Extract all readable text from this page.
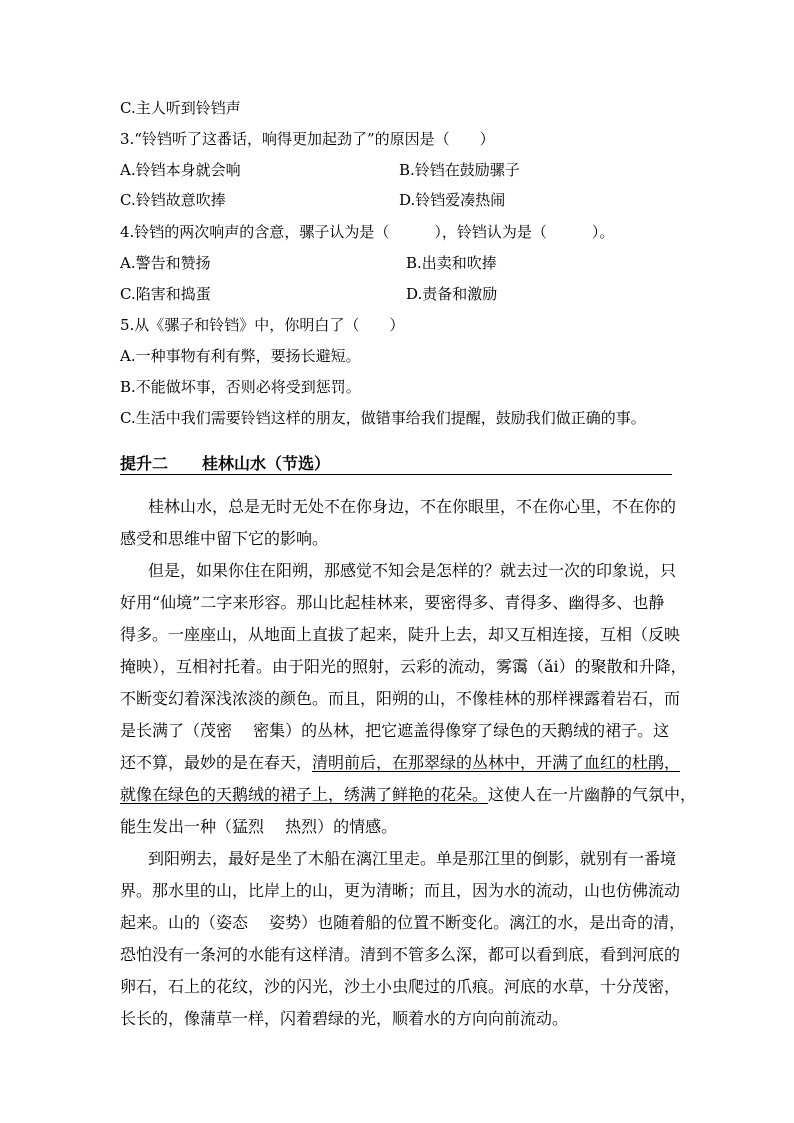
C.主人听到铃铛声
3.“铃铛听了这番话，响得更加起劲了”的原因是（　　）
A.铃铛本身就会响	B.铃铛在鼓励骡子
C.铃铛故意吹捧	D.铃铛爱凑热闹
4.铃铛的两次响声的含意，骡子认为是（　　　），铃铛认为是（　　　）。
A.警告和赞扬	B.出卖和吹捧
C.陷害和捣蛋	D.责备和激励
5.从《骡子和铃铛》中，你明白了（　　）
A.一种事物有利有弊，要扬长避短。
B.不能做坏事，否则必将受到惩罚。
C.生活中我们需要铃铛这样的朋友，做错事给我们提醒，鼓励我们做正确的事。
提升二 桂林山水（节选）
桂林山水，总是无时无处不在你身边，不在你眼里，不在你心里，不在你的
感受和思维中留下它的影响。
但是，如果你住在阳朔，那感觉不知会是怎样的？就去过一次的印象说，只
好用“仙境”二字来形容。那山比起桂林来，要密得多、青得多、幽得多、也静
得多。一座座山，从地面上直拔了起来，陡升上去，却又互相连接，互相（反映
掩映），互相衬托着。由于阳光的照射，云彩的流动，雾霭（ǎi）的聚散和升降，
不断变幻着深浅浓淡的颜色。而且，阳朔的山，不像桂林的那样裸露着岩石，而
是长满了（茂密　 密集）的丛林，把它遮盖得像穿了绿色的天鹅绒的裙子。这
还不算，最妙的是在春天，清明前后，在那翠绿的丛林中，开满了血红的杜鹃，
就像在绿色的天鹅绒的裙子上，绣满了鲜艳的花朵。这使人在一片幽静的气氛中，
能生发出一种（猛烈　 热烈）的情感。
到阳朔去，最好是坐了木船在漓江里走。单是那江里的倒影，就别有一番境
界。那水里的山，比岸上的山，更为清晰；而且，因为水的流动，山也仿佛流动
起来。山的（姿态　 姿势）也随着船的位置不断变化。漓江的水，是出奇的清，
恐怕没有一条河的水能有这样清。清到不管多么深，都可以看到底，看到河底的
卵石，石上的花纹，沙的闪光，沙土小虫爬过的爪痕。河底的水草，十分茂密，
长长的，像蒲草一样，闪着碧绿的光，顺着水的方向向前流动。
